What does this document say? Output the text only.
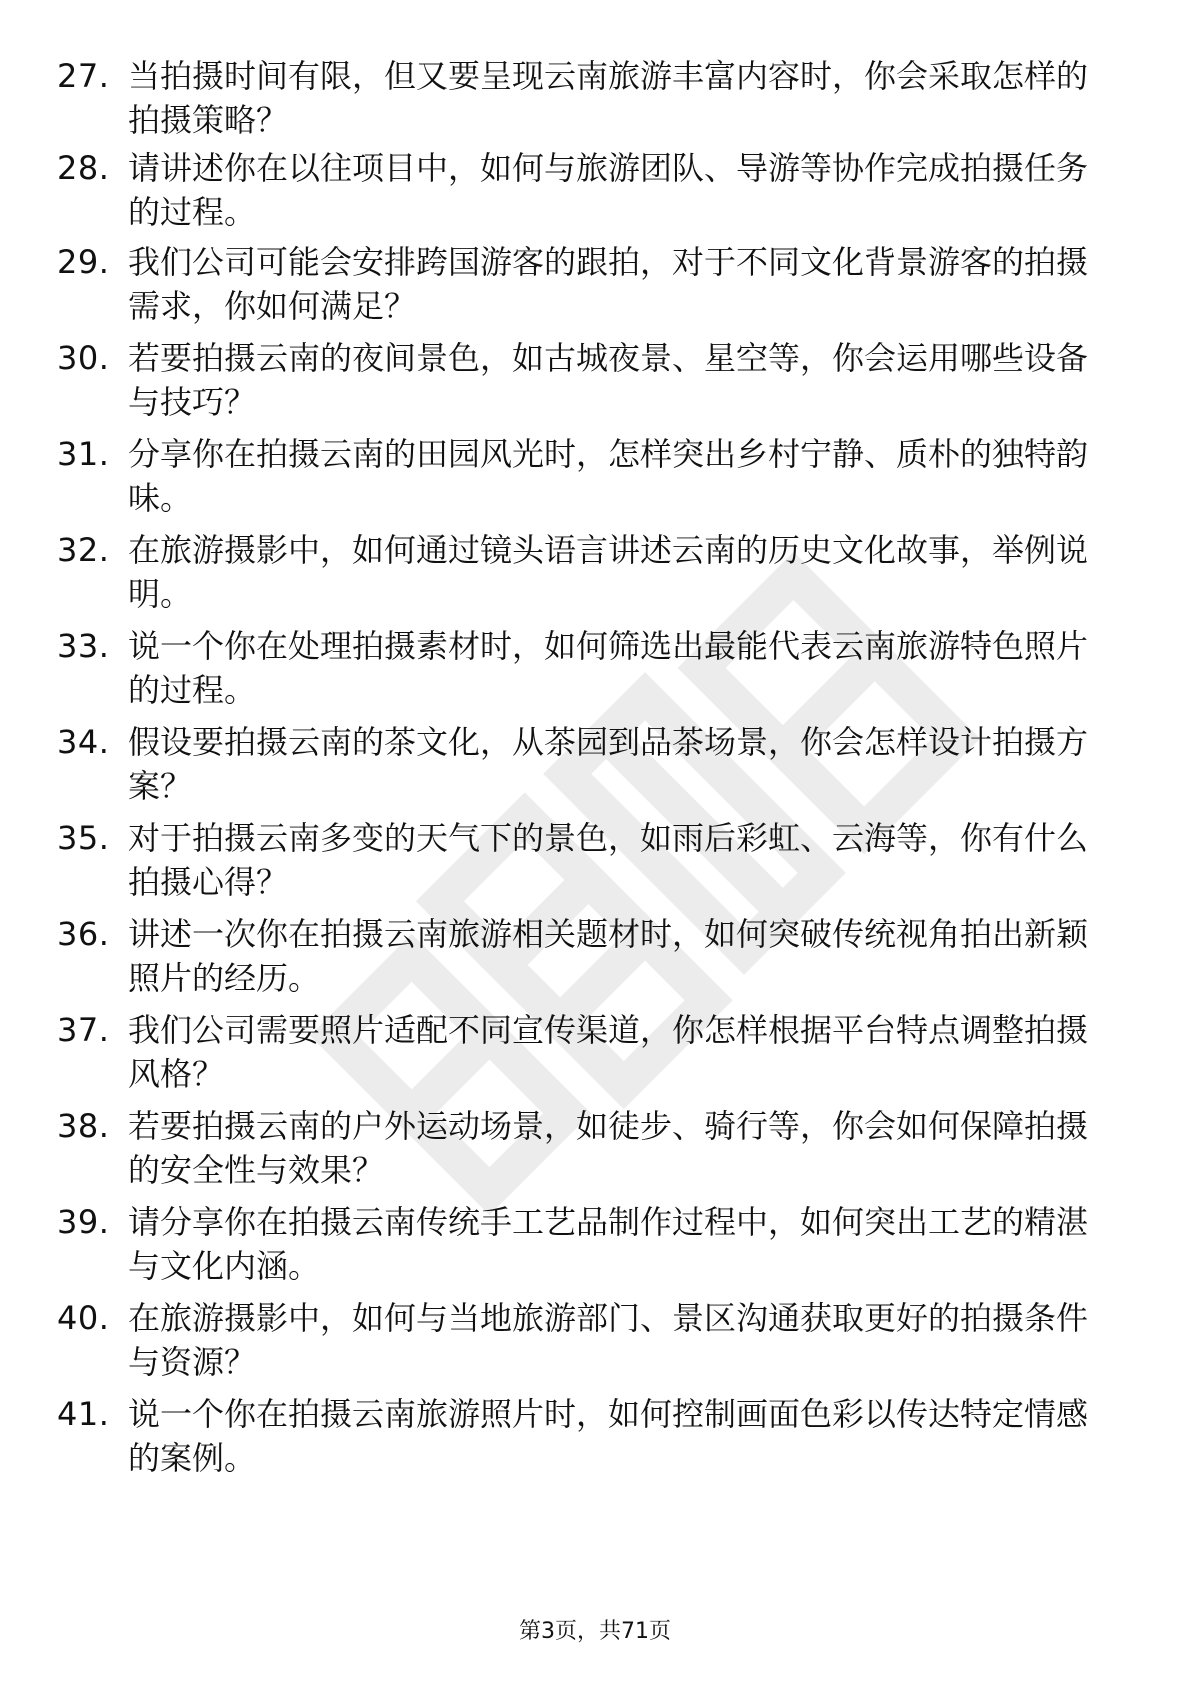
27. 当拍摄时间有限，但又要呈现云南旅游丰富内容时，你会采取怎样的拍摄策略？
28. 请讲述你在以往项目中，如何与旅游团队、导游等协作完成拍摄任务的过程。
29. 我们公司可能会安排跨国游客的跟拍，对于不同文化背景游客的拍摄需求，你如何满足？
30. 若要拍摄云南的夜间景色，如古城夜景、星空等，你会运用哪些设备与技巧？
31. 分享你在拍摄云南的田园风光时，怎样突出乡村宁静、质朴的独特韵味。
32. 在旅游摄影中，如何通过镜头语言讲述云南的历史文化故事，举例说明。
33. 说一个你在处理拍摄素材时，如何筛选出最能代表云南旅游特色照片的过程。
34. 假设要拍摄云南的茶文化，从茶园到品茶场景，你会怎样设计拍摄方案？
35. 对于拍摄云南多变的天气下的景色，如雨后彩虹、云海等，你有什么拍摄心得？
36. 讲述一次你在拍摄云南旅游相关题材时，如何突破传统视角拍出新颖照片的经历。
37. 我们公司需要照片适配不同宣传渠道，你怎样根据平台特点调整拍摄风格？
38. 若要拍摄云南的户外运动场景，如徒步、骑行等，你会如何保障拍摄的安全性与效果？
39. 请分享你在拍摄云南传统手工艺品制作过程中，如何突出工艺的精湛与文化内涵。
40. 在旅游摄影中，如何与当地旅游部门、景区沟通获取更好的拍摄条件与资源？
41. 说一个你在拍摄云南旅游照片时，如何控制画面色彩以传达特定情感的案例。
第3页，共71页
